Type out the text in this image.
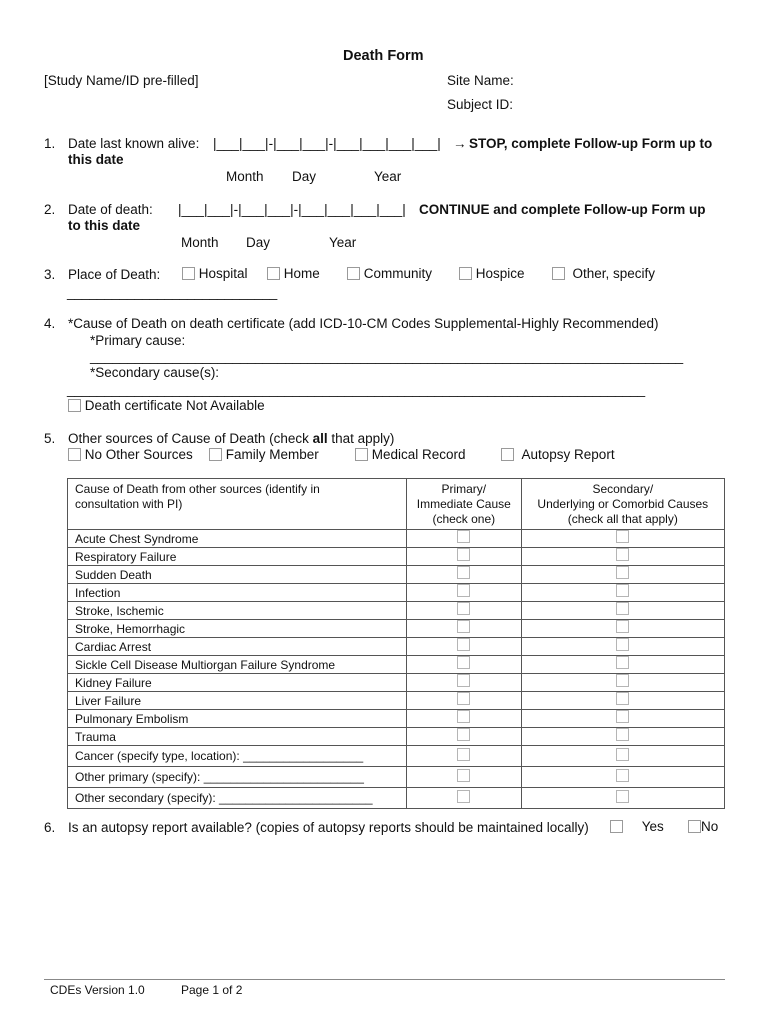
Death Form
[Study Name/ID pre-filled]	Site Name:
Subject ID:
1. Date last known alive: |___|___|-|___|___|-|___|___|___|___| → STOP, complete Follow-up Form up to
this date
Month Day	Year
2. Date of death: |___|___|-|___|___|-|___|___|___|___| CONTINUE and complete Follow-up Form up
to this date
Month Day	Year
3. Place of Death:	Hospital	Home	Community	Hospice	Other, specify
____________________________
4. *Cause of Death on death certificate (add ICD-10-CM Codes Supplemental-Highly Recommended)
*Primary cause:
_______________________________________________________________________________
*Secondary cause(s):
_____________________________________________________________________________
Death certificate Not Available
5. Other sources of Cause of Death (check all that apply)
No Other Sources	Family Member	Medical Record	Autopsy Report
Cause of Death from other sources (identify in
consultation with PI)	Primary/
Immediate Cause
(check one)	Secondary/
Underlying or Comorbid Causes
(check all that apply)
Acute Chest Syndrome		
Respiratory Failure		
Sudden Death		
Infection		
Stroke, Ischemic		
Stroke, Hemorrhagic		
Cardiac Arrest		
Sickle Cell Disease Multiorgan Failure Syndrome		
Kidney Failure		
Liver Failure		
Pulmonary Embolism		
Trauma		
Cancer (specify type, location): __________________		
Other primary (specify): ________________________		
Other secondary (specify): _______________________		
6. Is an autopsy report available? (copies of autopsy reports should be maintained locally)	Yes	No
CDEs Version 1.0	Page 1 of 2
